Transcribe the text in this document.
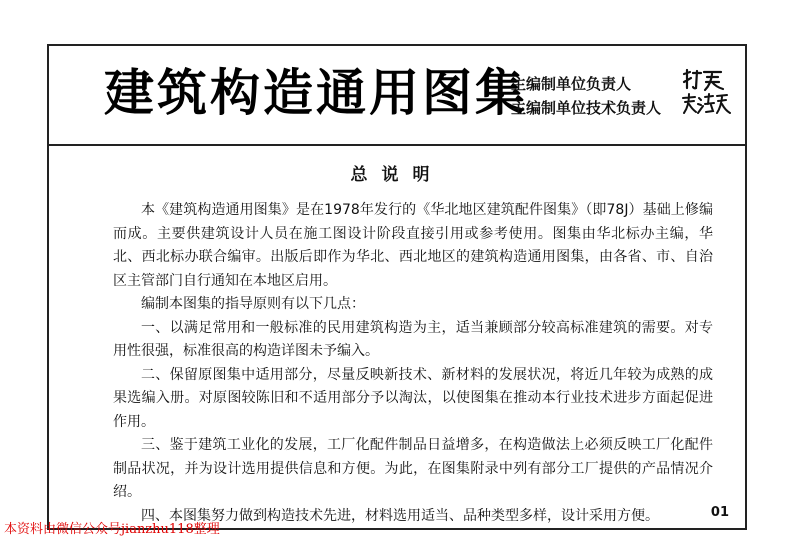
建筑构造通用图集
主编制单位负责人
主编制单位技术负责人
总说明

本《建筑构造通用图集》是在1978年发行的《华北地区建筑配件图集》（即78J）基础上修编而成。主要供建筑设计人员在施工图设计阶段直接引用或参考使用。图集由华北标办主编，华北、西北标办联合编审。出版后即作为华北、西北地区的建筑构造通用图集，由各省、市、自治区主管部门自行通知在本地区启用。

编制本图集的指导原则有以下几点：

一、以满足常用和一般标准的民用建筑构造为主，适当兼顾部分较高标准建筑的需要。对专用性很强，标准很高的构造详图未予编入。

二、保留原图集中适用部分，尽量反映新技术、新材料的发展状况，将近几年较为成熟的成果选编入册。对原图较陈旧和不适用部分予以淘汰，以使图集在推动本行业技术进步方面起促进作用。

三、鉴于建筑工业化的发展，工厂化配件制品日益增多，在构造做法上必须反映工厂化配件制品状况，并为设计选用提供信息和方便。为此，在图集附录中列有部分工厂提供的产品情况介绍。

四、本图集努力做到构造技术先进，材料选用适当、品种类型多样，设计采用方便。	01
本资料由微信公众号jianzhu118整理
